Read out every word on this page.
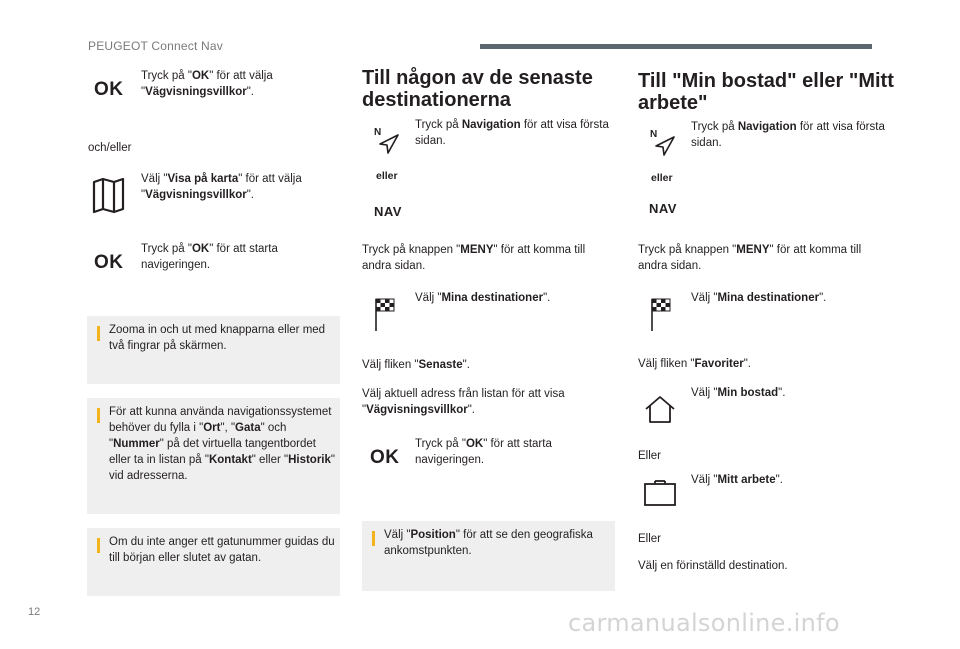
PEUGEOT Connect Nav
OK
Tryck på "OK" för att välja "Vägvisningsvillkor".
och/eller
Välj "Visa på karta" för att välja "Vägvisningsvillkor".
OK
Tryck på "OK" för att starta navigeringen.
Zooma in och ut med knapparna eller med två fingrar på skärmen.
För att kunna använda navigationssystemet behöver du fylla i "Ort", "Gata" och "Nummer" på det virtuella tangentbordet eller ta in listan på "Kontakt" eller "Historik" vid adresserna.
Om du inte anger ett gatunummer guidas du till början eller slutet av gatan.
Till någon av de senaste destinationerna
N
eller
NAV
Tryck på Navigation för att visa första sidan.
Tryck på knappen "MENY" för att komma till andra sidan.
Välj "Mina destinationer".
Välj fliken "Senaste".
Välj aktuell adress från listan för att visa "Vägvisningsvillkor".
OK
Tryck på "OK" för att starta navigeringen.
Välj "Position" för att se den geografiska ankomstpunkten.
Till "Min bostad" eller "Mitt arbete"
N
eller
NAV
Tryck på Navigation för att visa första sidan.
Tryck på knappen "MENY" för att komma till andra sidan.
Välj "Mina destinationer".
Välj fliken "Favoriter".
Välj "Min bostad".
Eller
Välj "Mitt arbete".
Eller
Välj en förinställd destination.
12	carmanualsonline.info
